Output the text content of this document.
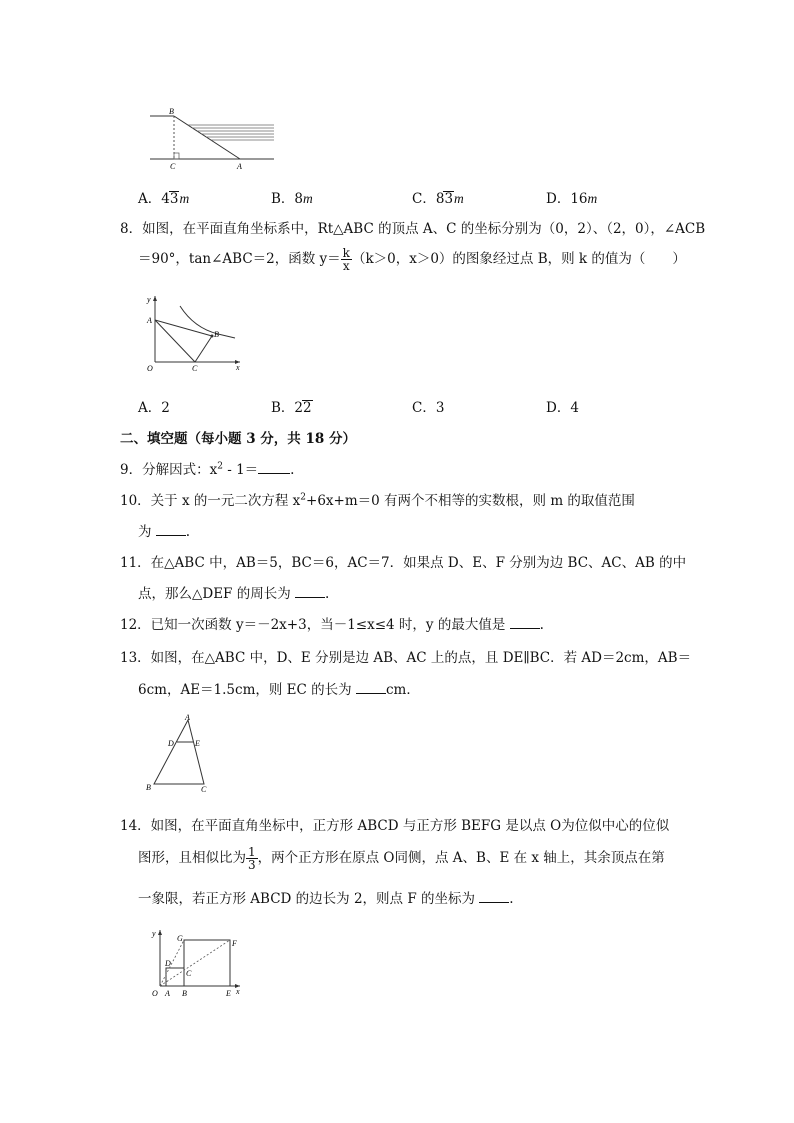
B
C	A
A．43m	B．8m	C．83m	D．16m
8．如图，在平面直角坐标系中，Rt△ABC 的顶点 A、C 的坐标分别为（0，2）、（2，0），∠ACB
＝90°，tan∠ABC＝2，函数 $y= \frac{k}{x} (k>0$，x＞0）的图象经过点 B，则 k 的值为（　　）
y
A
B
O	C	x
A．2	B．22	C．3	D．4
二、填空题（每小题 3 分，共 18 分）
9．分解因式：$x^2 - 1=$ .
10．关于 x 的一元二次方程 $x^2+6x+m=0$ 有两个不相等的实数根，则 m 的取值范围
为 .
11．在△ABC 中，AB＝5，BC＝6，AC＝7．如果点 D、E、F 分别为边 BC、AC、AB 的中
点，那么△DEF 的周长为 .
12．已知一次函数 y＝－2x+3，当－1≤x≤4 时，y 的最大值是 .
13．如图，在△ABC 中，D、E 分别是边 AB、AC 上的点，且 DE∥BC．若 AD＝2cm，AB＝
6cm，AE＝1.5cm，则 EC 的长为 cm．
A
D	E
B	C
14．如图，在平面直角坐标中，正方形 ABCD 与正方形 BEFG 是以点 O为位似中心的位似
图形，且相似比为 $\frac{1}{3}$ ，两个正方形在原点 O同侧，点 A、B、E 在 x 轴上，其余顶点在第
一象限，若正方形 ABCD 的边长为 2，则点 F 的坐标为 .
y
G
F
D
C
O A B	E x
